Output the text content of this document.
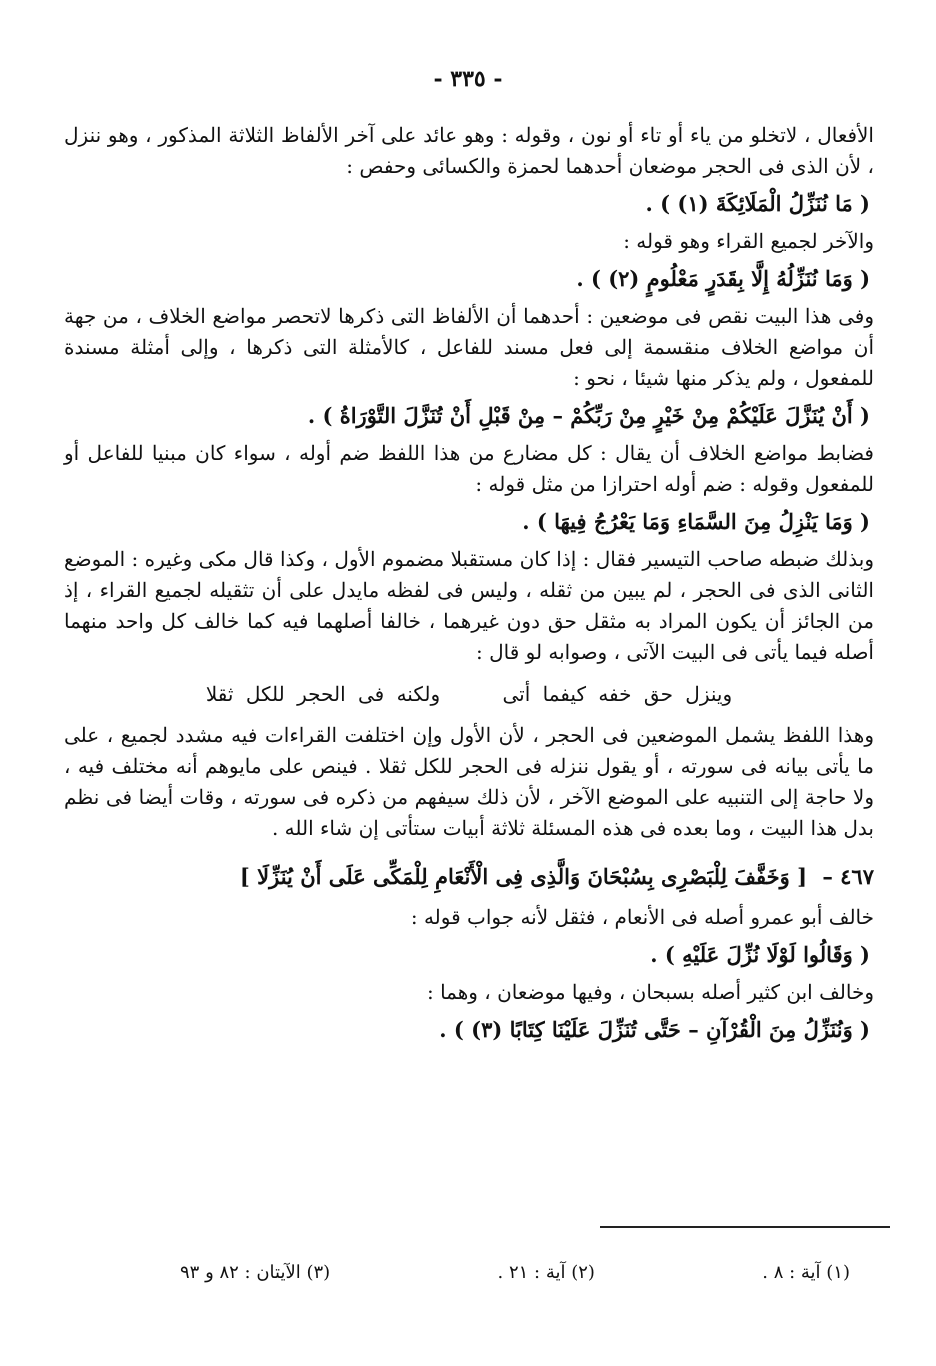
- ٣٣٥ -

الأفعال ، لاتخلو من ياء أو تاء أو نون ، وقوله : وهو عائد على آخر الألفاظ الثلاثة المذكور ، وهو ننزل ، لأن الذى فى الحجر موضعان أحدهما لحمزة والكسائى وحفص :

( مَا نُنَزِّلُ الْمَلَائِكَةَ (١) ) .

والآخر لجميع القراء وهو قوله :

( وَمَا نُنَزِّلُهُ إِلَّا بِقَدَرٍ مَعْلُومٍ (٢) ) .

وفى هذا البيت نقص فى موضعين : أحدهما أن الألفاظ التى ذكرها لاتحصر مواضع الخلاف ، من جهة أن مواضع الخلاف منقسمة إلى فعل مسند للفاعل ، كالأمثلة التى ذكرها ، وإلى أمثلة مسندة للمفعول ، ولم يذكر منها شيئا ، نحو :

( أَنْ يُنَزَّلَ عَلَيْكُمْ مِنْ خَيْرٍ مِنْ رَبِّكُمْ – مِنْ قَبْلِ أَنْ تُنَزَّلَ التَّوْرَاةُ ) .

فضابط مواضع الخلاف أن يقال : كل مضارع من هذا اللفظ ضم أوله ، سواء كان مبنيا للفاعل أو للمفعول وقوله : ضم أوله احترازا من مثل قوله :

( وَمَا يَنْزِلُ مِنَ السَّمَاءِ وَمَا يَعْرُجُ فِيهَا ) .

وبذلك ضبطه صاحب التيسير فقال : إذا كان مستقبلا مضموم الأول ، وكذا قال مكى وغيره : الموضع الثانى الذى فى الحجر ، لم يبين من ثقله ، وليس فى لفظه مايدل على أن تثقيله لجميع القراء ، إذ من الجائز أن يكون المراد به مثقل حق دون غيرهما ، خالفا أصلهما فيه كما خالف كل واحد منهما أصله فيما يأتى فى البيت الآتى ، وصوابه لو قال :

وينزل حق خفه كيفما أتى ولكنه فى الحجر للكل ثقلا

وهذا اللفظ يشمل الموضعين فى الحجر ، لأن الأول وإن اختلفت القراءات فيه مشدد لجميع ، على ما يأتى بيانه فى سورته ، أو يقول ننزله فى الحجر للكل ثقلا . فينص على مايوهم أنه مختلف فيه ، ولا حاجة إلى التنبيه على الموضع الآخر ، لأن ذلك سيفهم من ذكره فى سورته ، وقات أيضا فى نظم بدل هذا البيت ، وما بعده فى هذه المسئلة ثلاثة أبيات ستأتى إن شاء الله .

٤٦٧ – [ وَخَفَّفَ لِلْبَصْرِى بِسُبْحَانَ وَالَّذِى فِى الْأَنْعَامِ لِلْمَكِّى عَلَى أَنْ يُنَزِّلَا ]

خالف أبو عمرو أصله فى الأنعام ، فثقل لأنه جواب قوله :

( وَقَالُوا لَوْلَا نُزِّلَ عَلَيْهِ ) .

وخالف ابن كثير أصله بسبحان ، وفيها موضعان ، وهما :

( وَنُنَزِّلُ مِنَ الْقُرْآنِ – حَتَّى تُنَزِّلَ عَلَيْنَا كِتَابًا (٣) ) .

(١) آية : ٨ .
(٢) آية : ٢١ .
(٣) الآيتان : ٨٢ و ٩٣
